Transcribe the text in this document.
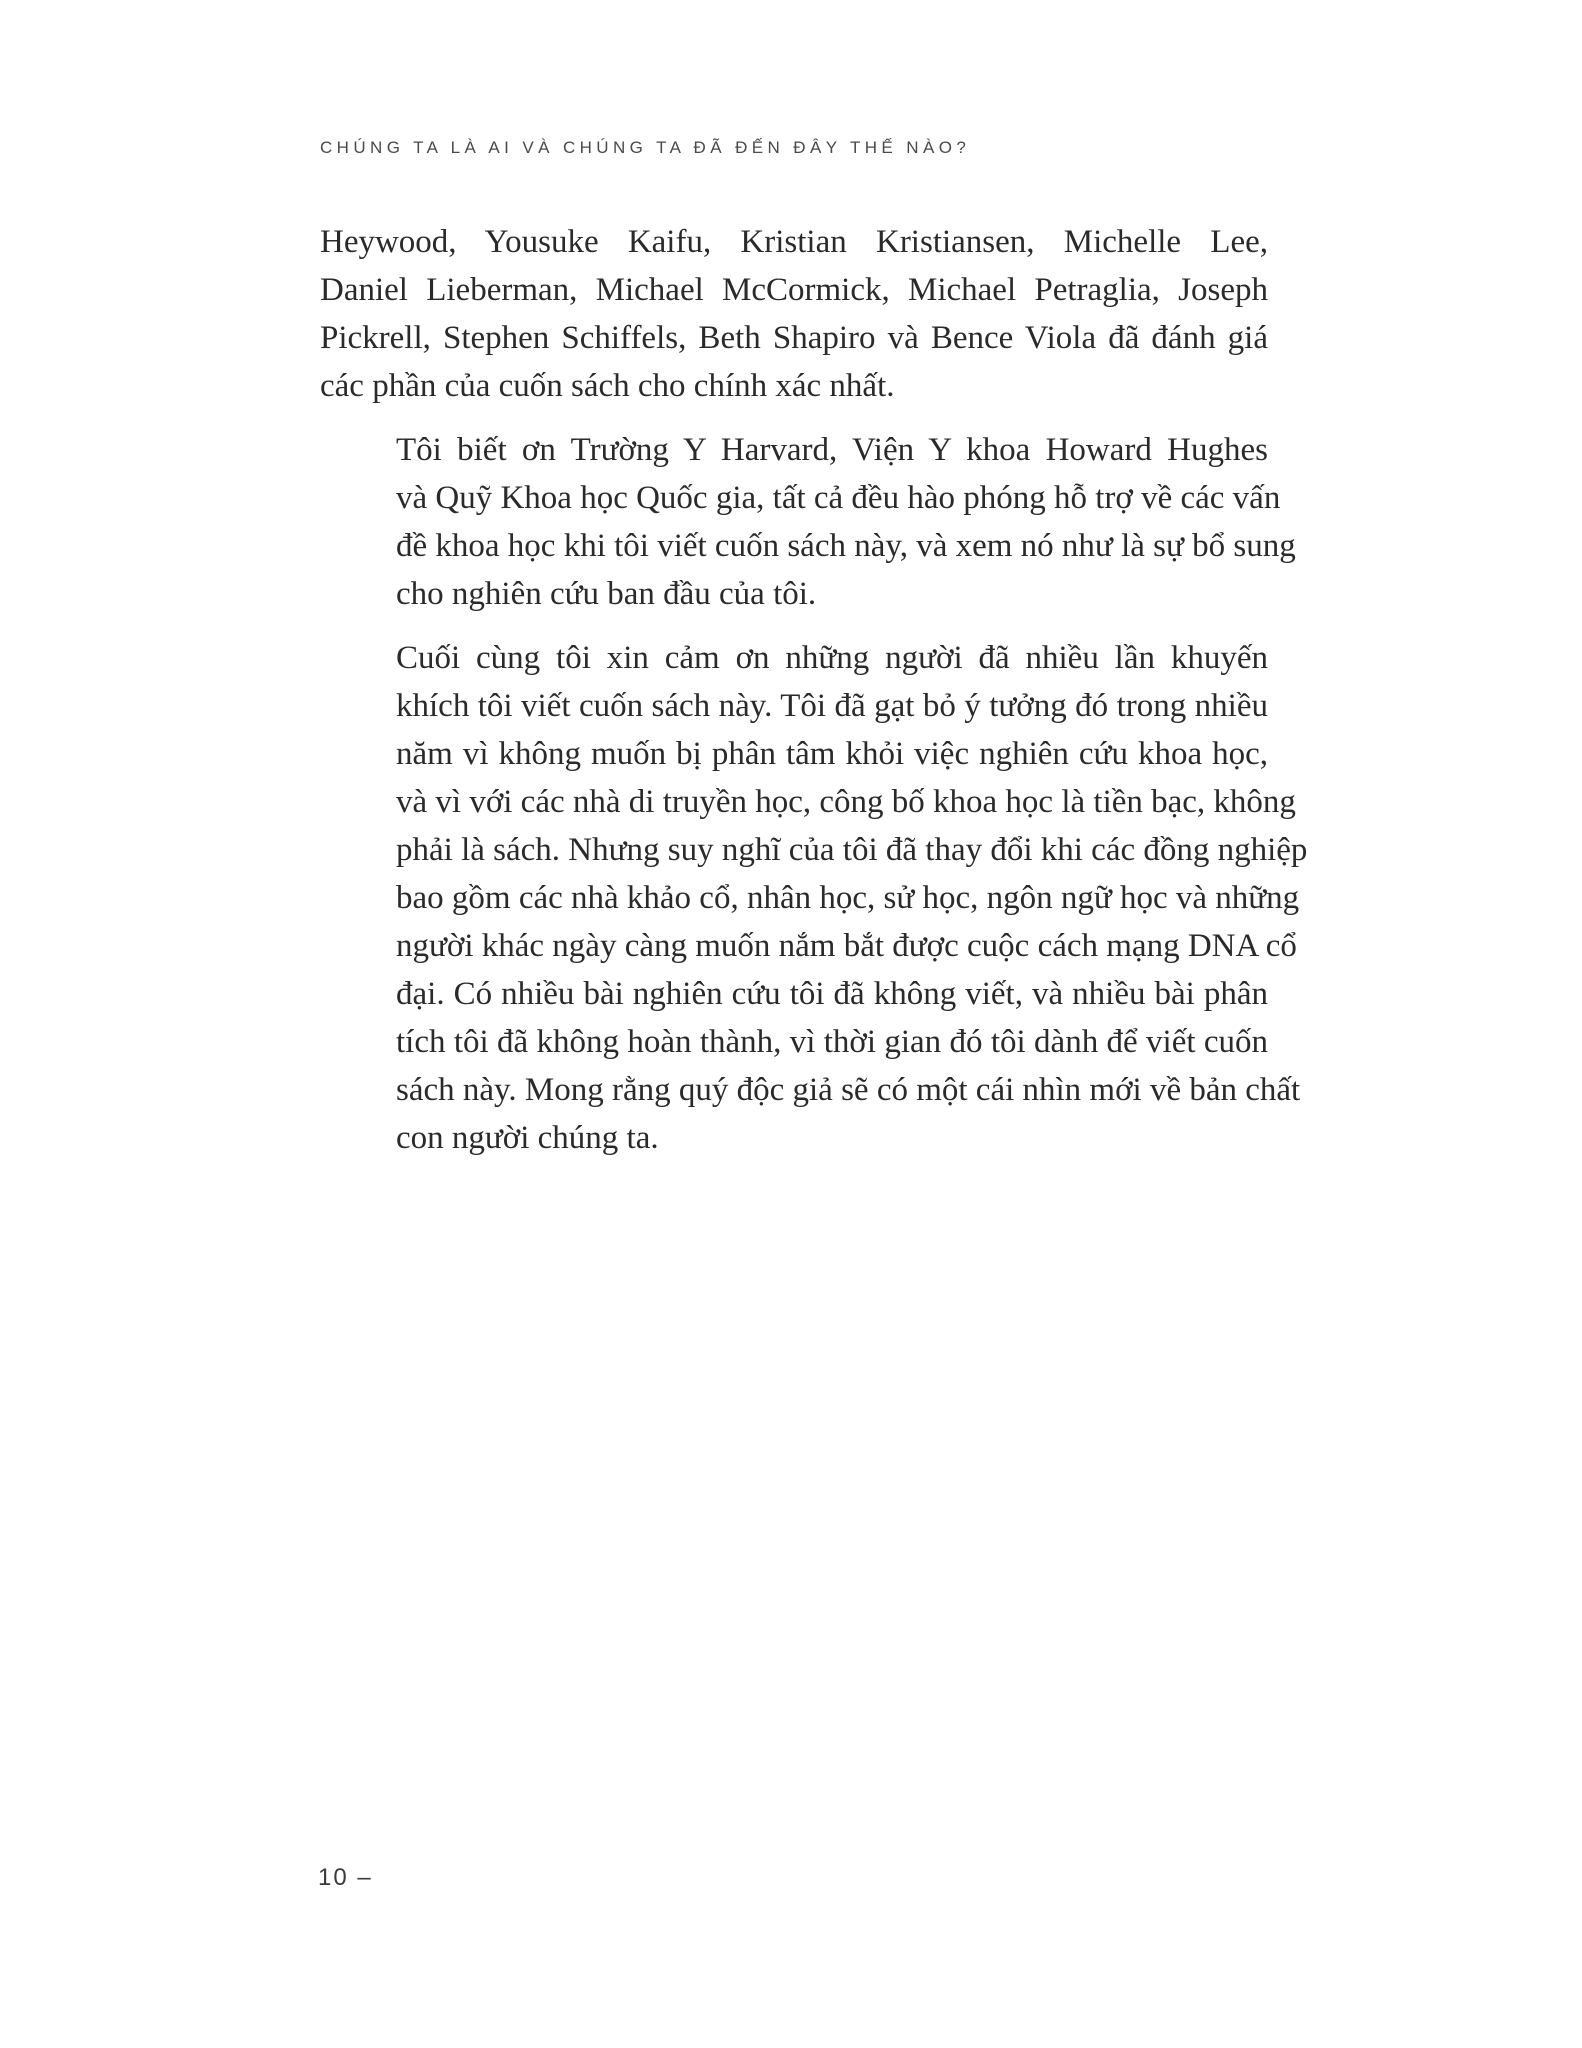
CHÚNG TA LÀ AI VÀ CHÚNG TA ĐÃ ĐẾN ĐÂY THẾ NÀO?

Heywood, Yousuke Kaifu, Kristian Kristiansen, Michelle Lee,
Daniel Lieberman, Michael McCormick, Michael Petraglia, Joseph
Pickrell, Stephen Schiffels, Beth Shapiro và Bence Viola đã đánh giá
các phần của cuốn sách cho chính xác nhất.

Tôi biết ơn Trường Y Harvard, Viện Y khoa Howard Hughes
và Quỹ Khoa học Quốc gia, tất cả đều hào phóng hỗ trợ về các vấn
đề khoa học khi tôi viết cuốn sách này, và xem nó như là sự bổ sung
cho nghiên cứu ban đầu của tôi.

Cuối cùng tôi xin cảm ơn những người đã nhiều lần khuyến
khích tôi viết cuốn sách này. Tôi đã gạt bỏ ý tưởng đó trong nhiều
năm vì không muốn bị phân tâm khỏi việc nghiên cứu khoa học,
và vì với các nhà di truyền học, công bố khoa học là tiền bạc, không
phải là sách. Nhưng suy nghĩ của tôi đã thay đổi khi các đồng nghiệp
bao gồm các nhà khảo cổ, nhân học, sử học, ngôn ngữ học và những
người khác ngày càng muốn nắm bắt được cuộc cách mạng DNA cổ
đại. Có nhiều bài nghiên cứu tôi đã không viết, và nhiều bài phân
tích tôi đã không hoàn thành, vì thời gian đó tôi dành để viết cuốn
sách này. Mong rằng quý độc giả sẽ có một cái nhìn mới về bản chất
con người chúng ta.

10 –
